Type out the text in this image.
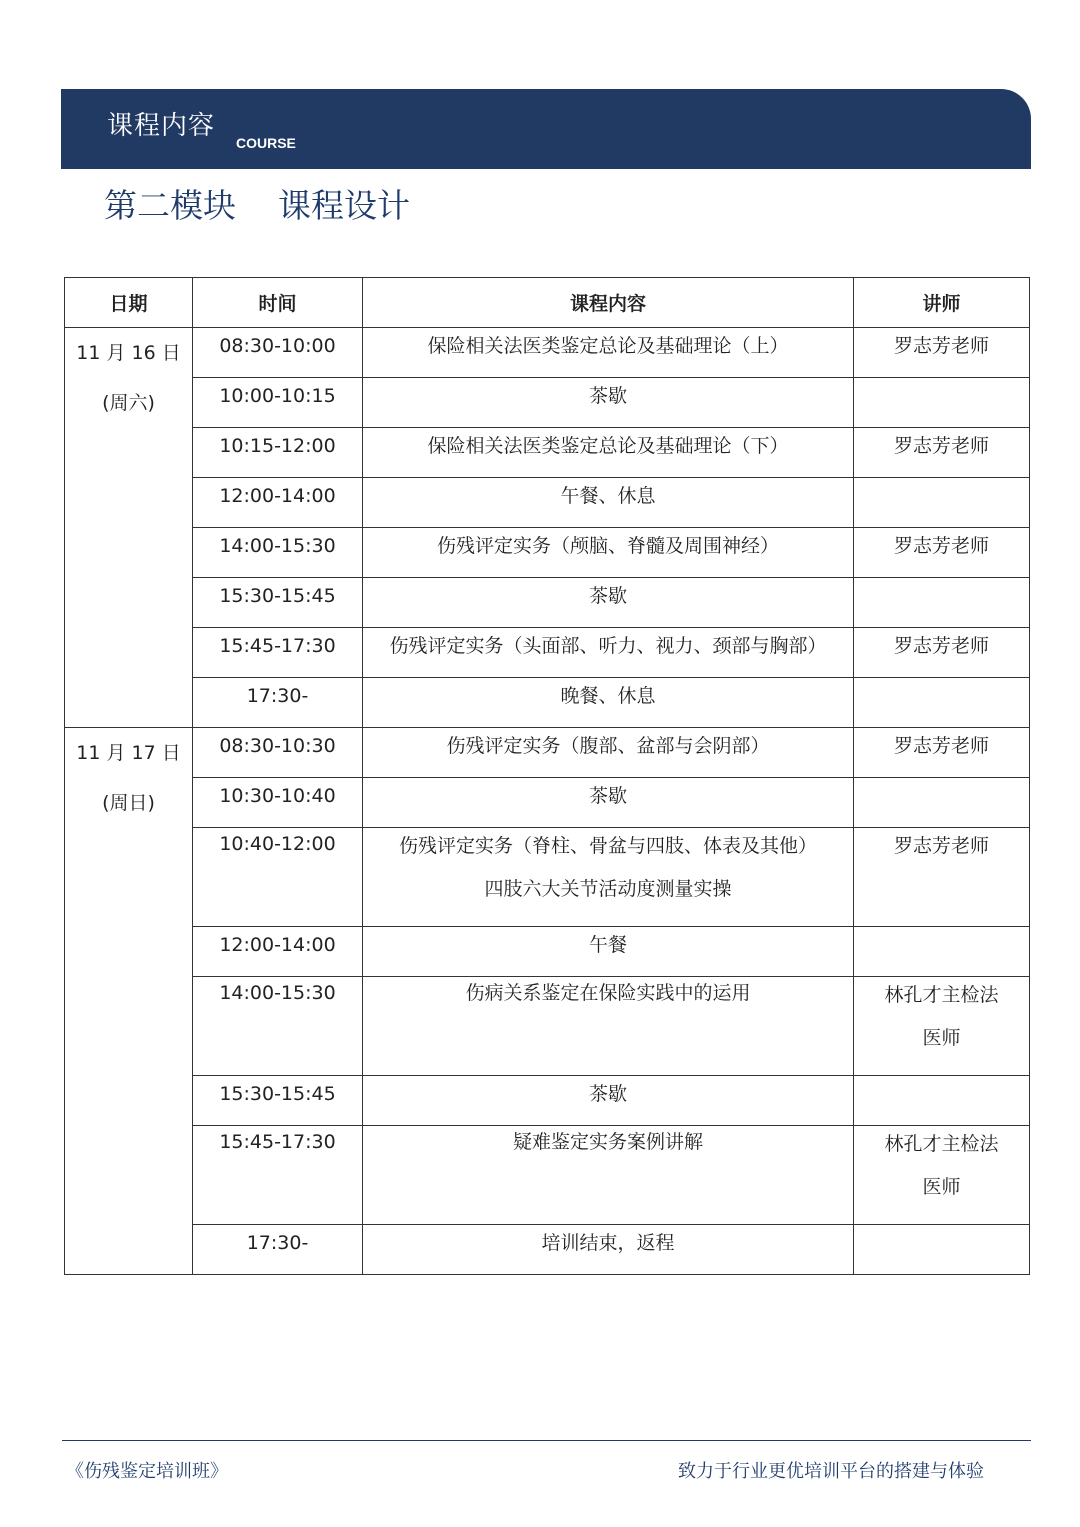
课程内容
COURSE
第二模块    课程设计
日期	时间	课程内容	讲师

11 月 16 日
(周六)	08:30-10:00	保险相关法医类鉴定总论及基础理论（上）	罗志芳老师

	10:00-10:15	茶歇	

	10:15-12:00	保险相关法医类鉴定总论及基础理论（下）	罗志芳老师

	12:00-14:00	午餐、休息	

	14:00-15:30	伤残评定实务（颅脑、脊髓及周围神经）	罗志芳老师

	15:30-15:45	茶歇	

	15:45-17:30	伤残评定实务（头面部、听力、视力、颈部与胸部）	罗志芳老师

	17:30-	晚餐、休息	

11 月 17 日
(周日)	08:30-10:30	伤残评定实务（腹部、盆部与会阴部）	罗志芳老师

	10:30-10:40	茶歇	

	10:40-12:00	伤残评定实务（脊柱、骨盆与四肢、体表及其他）
四肢六大关节活动度测量实操	罗志芳老师

	12:00-14:00	午餐	

	14:00-15:30	伤病关系鉴定在保险实践中的运用	林孔才主检法
医师

	15:30-15:45	茶歇	

	15:45-17:30	疑难鉴定实务案例讲解	林孔才主检法
医师

	17:30-	培训结束，返程	

《伤残鉴定培训班》	致力于行业更优培训平台的搭建与体验
